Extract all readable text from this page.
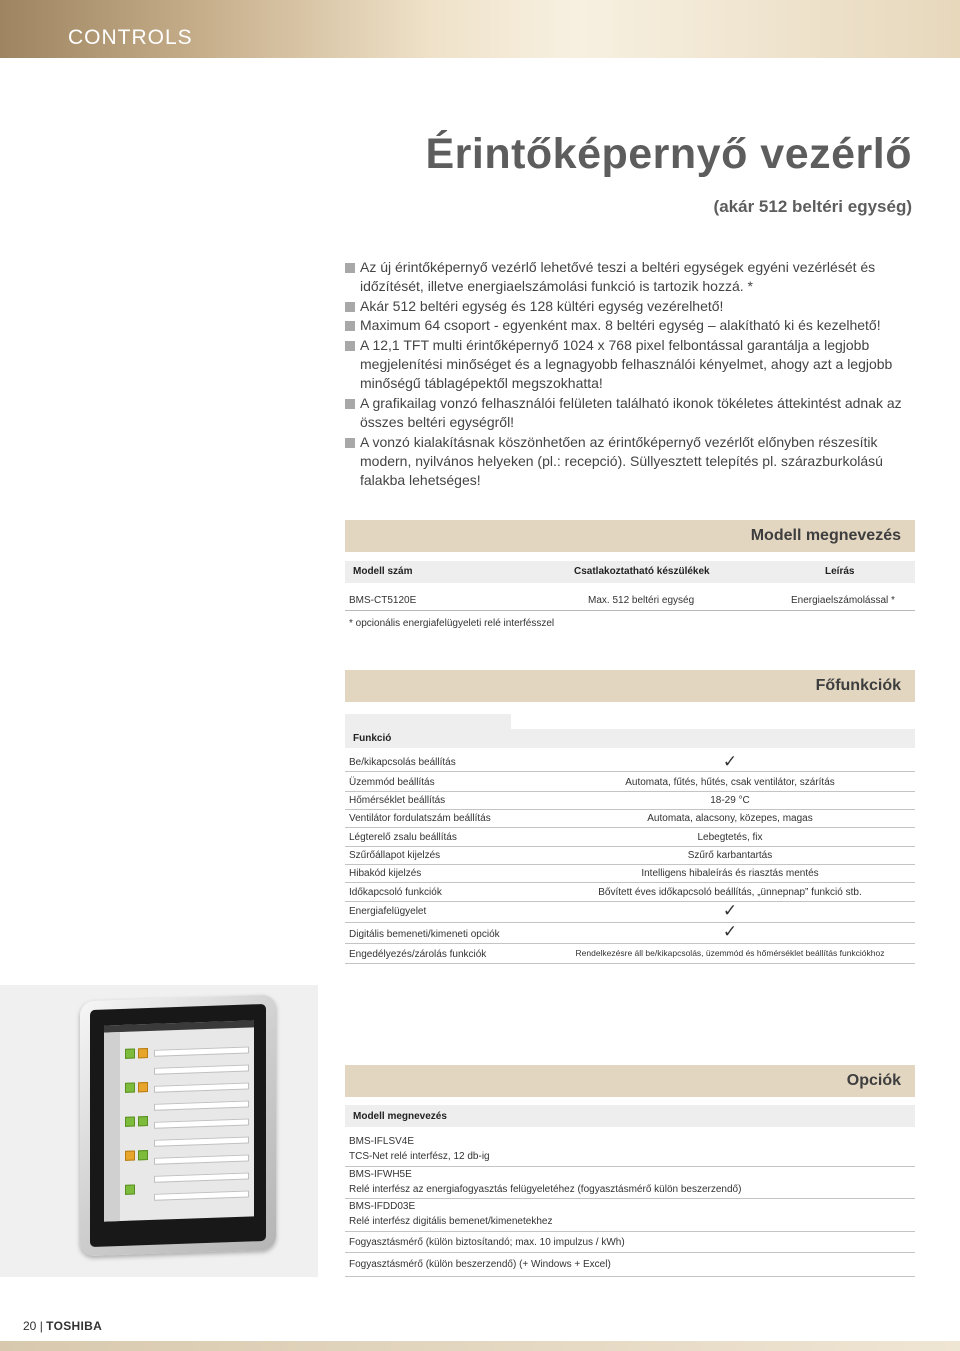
CONTROLS
Érintőképernyő vezérlő
(akár 512 beltéri egység)
Az új érintőképernyő vezérlő lehetővé teszi a beltéri egységek egyéni vezérlését és időzítését, illetve energiaelszámolási funkció is tartozik hozzá. *
Akár 512 beltéri egység és 128 kültéri egység vezérelhető!
Maximum 64 csoport - egyenként max. 8 beltéri egység – alakítható ki és kezelhető!
A 12,1 TFT multi érintőképernyő 1024 x 768 pixel felbontással garantálja a legjobb megjelenítési minőséget és a legnagyobb felhasználói kényelmet, ahogy azt a legjobb minőségű táblagépektől megszokhatta!
A grafikailag vonzó felhasználói felületen található ikonok tökéletes áttekintést adnak az összes beltéri egységről!
A vonzó kialakításnak köszönhetően az érintőképernyő vezérlőt előnyben részesítik modern, nyilvános helyeken (pl.: recepció). Süllyesztett telepítés pl. szárazburkolású falakba lehetséges!
Modell megnevezés
Modell szám	Csatlakoztatható készülékek	Leírás
BMS-CT5120E	Max. 512 beltéri egység	Energiaelszámolással *
* opcionális energiafelügyeleti relé interfésszel
Főfunkciók
Funkció
Be/kikapcsolás beállítás	✓
Üzemmód beállítás	Automata, fűtés, hűtés, csak ventilátor, szárítás
Hőmérséklet beállítás	18-29 °C
Ventilátor fordulatszám beállítás	Automata, alacsony, közepes, magas
Légterelő zsalu beállítás	Lebegtetés, fix
Szűrőállapot kijelzés	Szűrő karbantartás
Hibakód kijelzés	Intelligens hibaleírás és riasztás mentés
Időkapcsoló funkciók	Bővített éves időkapcsoló beállítás, „ünnepnap” funkció stb.
Energiafelügyelet	✓
Digitális bemeneti/kimeneti opciók	✓
Engedélyezés/zárolás funkciók	Rendelkezésre áll be/kikapcsolás, üzemmód és hőmérséklet beállítás funkciókhoz
Opciók
Modell megnevezés
BMS-IFLSV4E
TCS-Net relé interfész, 12 db-ig
BMS-IFWH5E
Relé interfész az energiafogyasztás felügyeletéhez (fogyasztásmérő külön beszerzendő)
BMS-IFDD03E
Relé interfész digitális bemenet/kimenetekhez
Fogyasztásmérő (külön biztosítandó; max. 10 impulzus / kWh)
Fogyasztásmérő (külön beszerzendő) (+ Windows + Excel)
20 | TOSHIBA
